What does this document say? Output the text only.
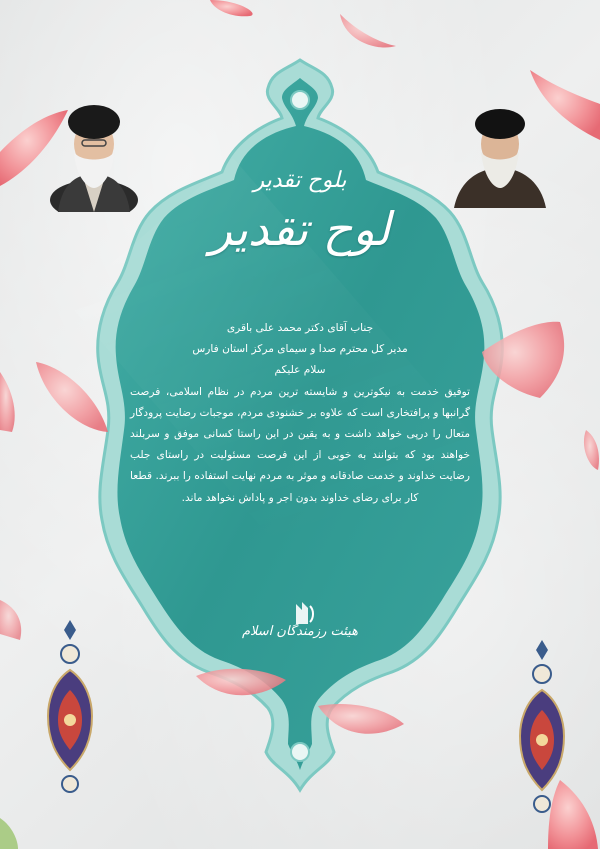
بلوح تقدیر
لوح تقدیر
جناب آقای دکتر محمد علی باقری
مدیر کل محترم صدا و سیمای مرکز استان فارس
سلام علیکم
توفیق خدمت به نیکوترین و شایسته ترین مردم در نظام اسلامی، فرصت گرانبها و پرافتخاری است که علاوه بر خشنودی مردم، موجبات رضایت پرودگار متعال را درپی خواهد داشت و به یقین در این راستا کسانی موفق و سربلند خواهند بود که بتوانند به خوبی از این فرصت مسئولیت در راستای جلب رضایت خداوند و خدمت صادقانه و موثر به مردم نهایت استفاده را ببرند. قطعا کار برای رضای خداوند بدون اجر و پاداش نخواهد ماند.
هیئت رزمندگان اسلام
